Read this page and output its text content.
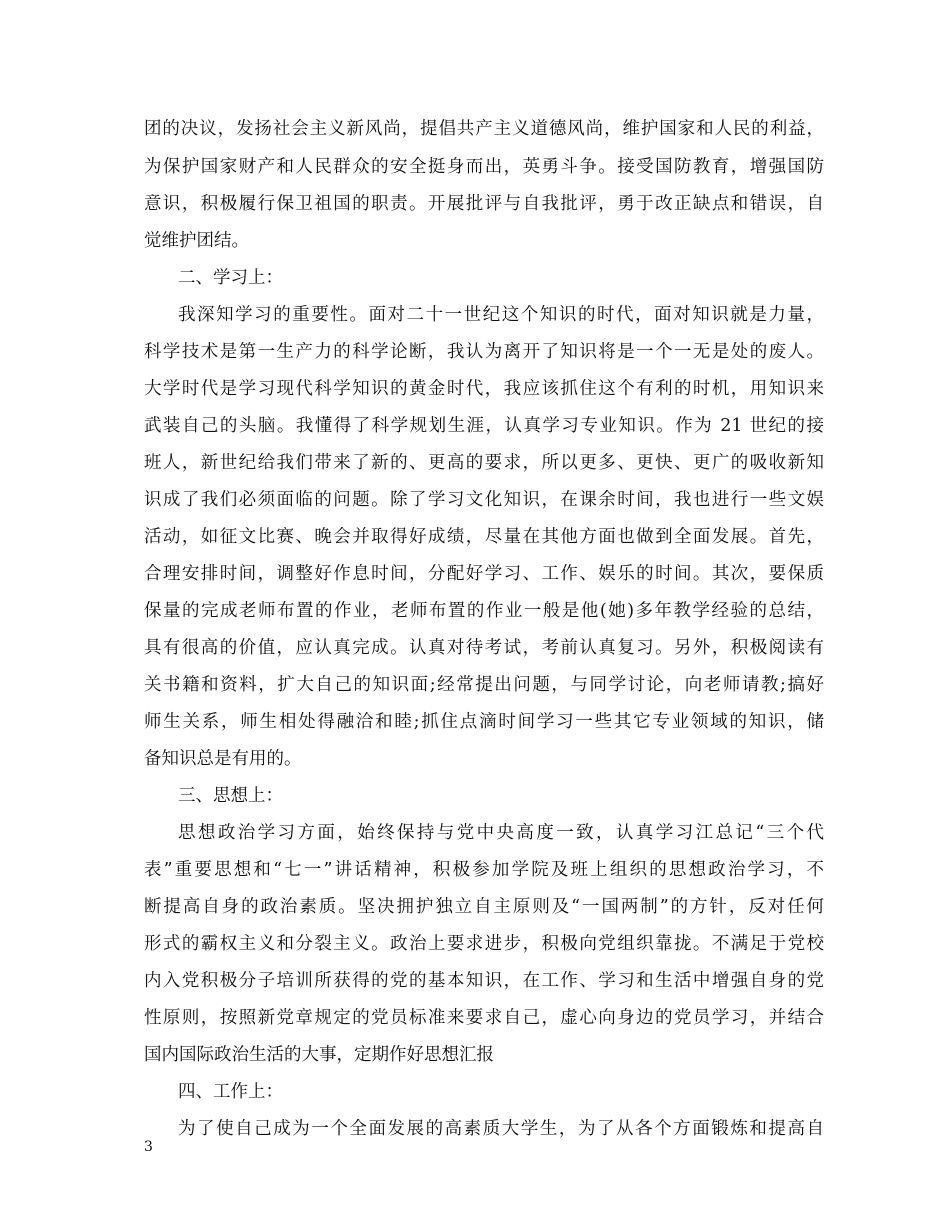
团的决议，发扬社会主义新风尚，提倡共产主义道德风尚，维护国家和人民的利益，
为保护国家财产和人民群众的安全挺身而出，英勇斗争。接受国防教育，增强国防
意识，积极履行保卫祖国的职责。开展批评与自我批评，勇于改正缺点和错误，自
觉维护团结。
二、学习上：
我深知学习的重要性。面对二十一世纪这个知识的时代，面对知识就是力量，
科学技术是第一生产力的科学论断，我认为离开了知识将是一个一无是处的废人。
大学时代是学习现代科学知识的黄金时代，我应该抓住这个有利的时机，用知识来
武装自己的头脑。我懂得了科学规划生涯，认真学习专业知识。作为 21 世纪的接
班人，新世纪给我们带来了新的、更高的要求，所以更多、更快、更广的吸收新知
识成了我们必须面临的问题。除了学习文化知识，在课余时间，我也进行一些文娱
活动，如征文比赛、晚会并取得好成绩，尽量在其他方面也做到全面发展。首先，
合理安排时间，调整好作息时间，分配好学习、工作、娱乐的时间。其次，要保质
保量的完成老师布置的作业，老师布置的作业一般是他(她)多年教学经验的总结，
具有很高的价值，应认真完成。认真对待考试，考前认真复习。另外，积极阅读有
关书籍和资料，扩大自己的知识面;经常提出问题，与同学讨论，向老师请教;搞好
师生关系，师生相处得融洽和睦;抓住点滴时间学习一些其它专业领域的知识，储
备知识总是有用的。
三、思想上：
思想政治学习方面，始终保持与党中央高度一致，认真学习江总记“三个代
表”重要思想和“七一”讲话精神，积极参加学院及班上组织的思想政治学习，不
断提高自身的政治素质。坚决拥护独立自主原则及“一国两制”的方针，反对任何
形式的霸权主义和分裂主义。政治上要求进步，积极向党组织靠拢。不满足于党校
内入党积极分子培训所获得的党的基本知识，在工作、学习和生活中增强自身的党
性原则，按照新党章规定的党员标准来要求自己，虚心向身边的党员学习，并结合
国内国际政治生活的大事，定期作好思想汇报
四、工作上：
为了使自己成为一个全面发展的高素质大学生，为了从各个方面锻炼和提高自
3
